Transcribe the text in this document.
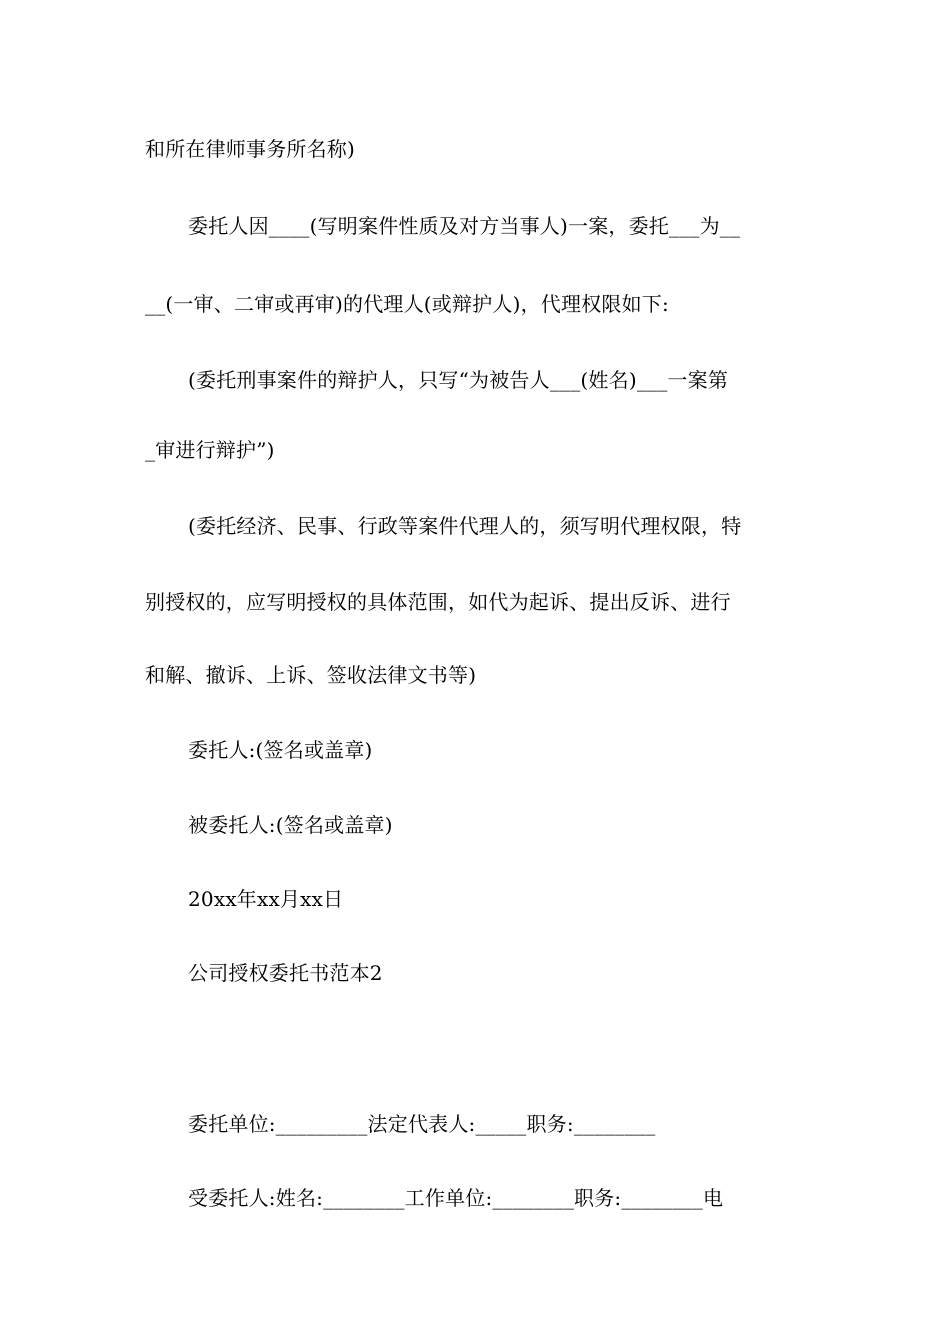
和所在律师事务所名称)
委托人因____(写明案件性质及对方当事人)一案，委托___为__
__(一审、二审或再审)的代理人(或辩护人)，代理权限如下:
(委托刑事案件的辩护人，只写“为被告人___(姓名)___一案第
_审进行辩护”)
(委托经济、民事、行政等案件代理人的，须写明代理权限，特
别授权的，应写明授权的具体范围，如代为起诉、提出反诉、进行
和解、撤诉、上诉、签收法律文书等)
委托人:(签名或盖章)
被委托人:(签名或盖章)
20xx年xx月xx日
公司授权委托书范本2
委托单位:_________法定代表人:_____职务:________
受委托人:姓名:________工作单位:________职务:________电
